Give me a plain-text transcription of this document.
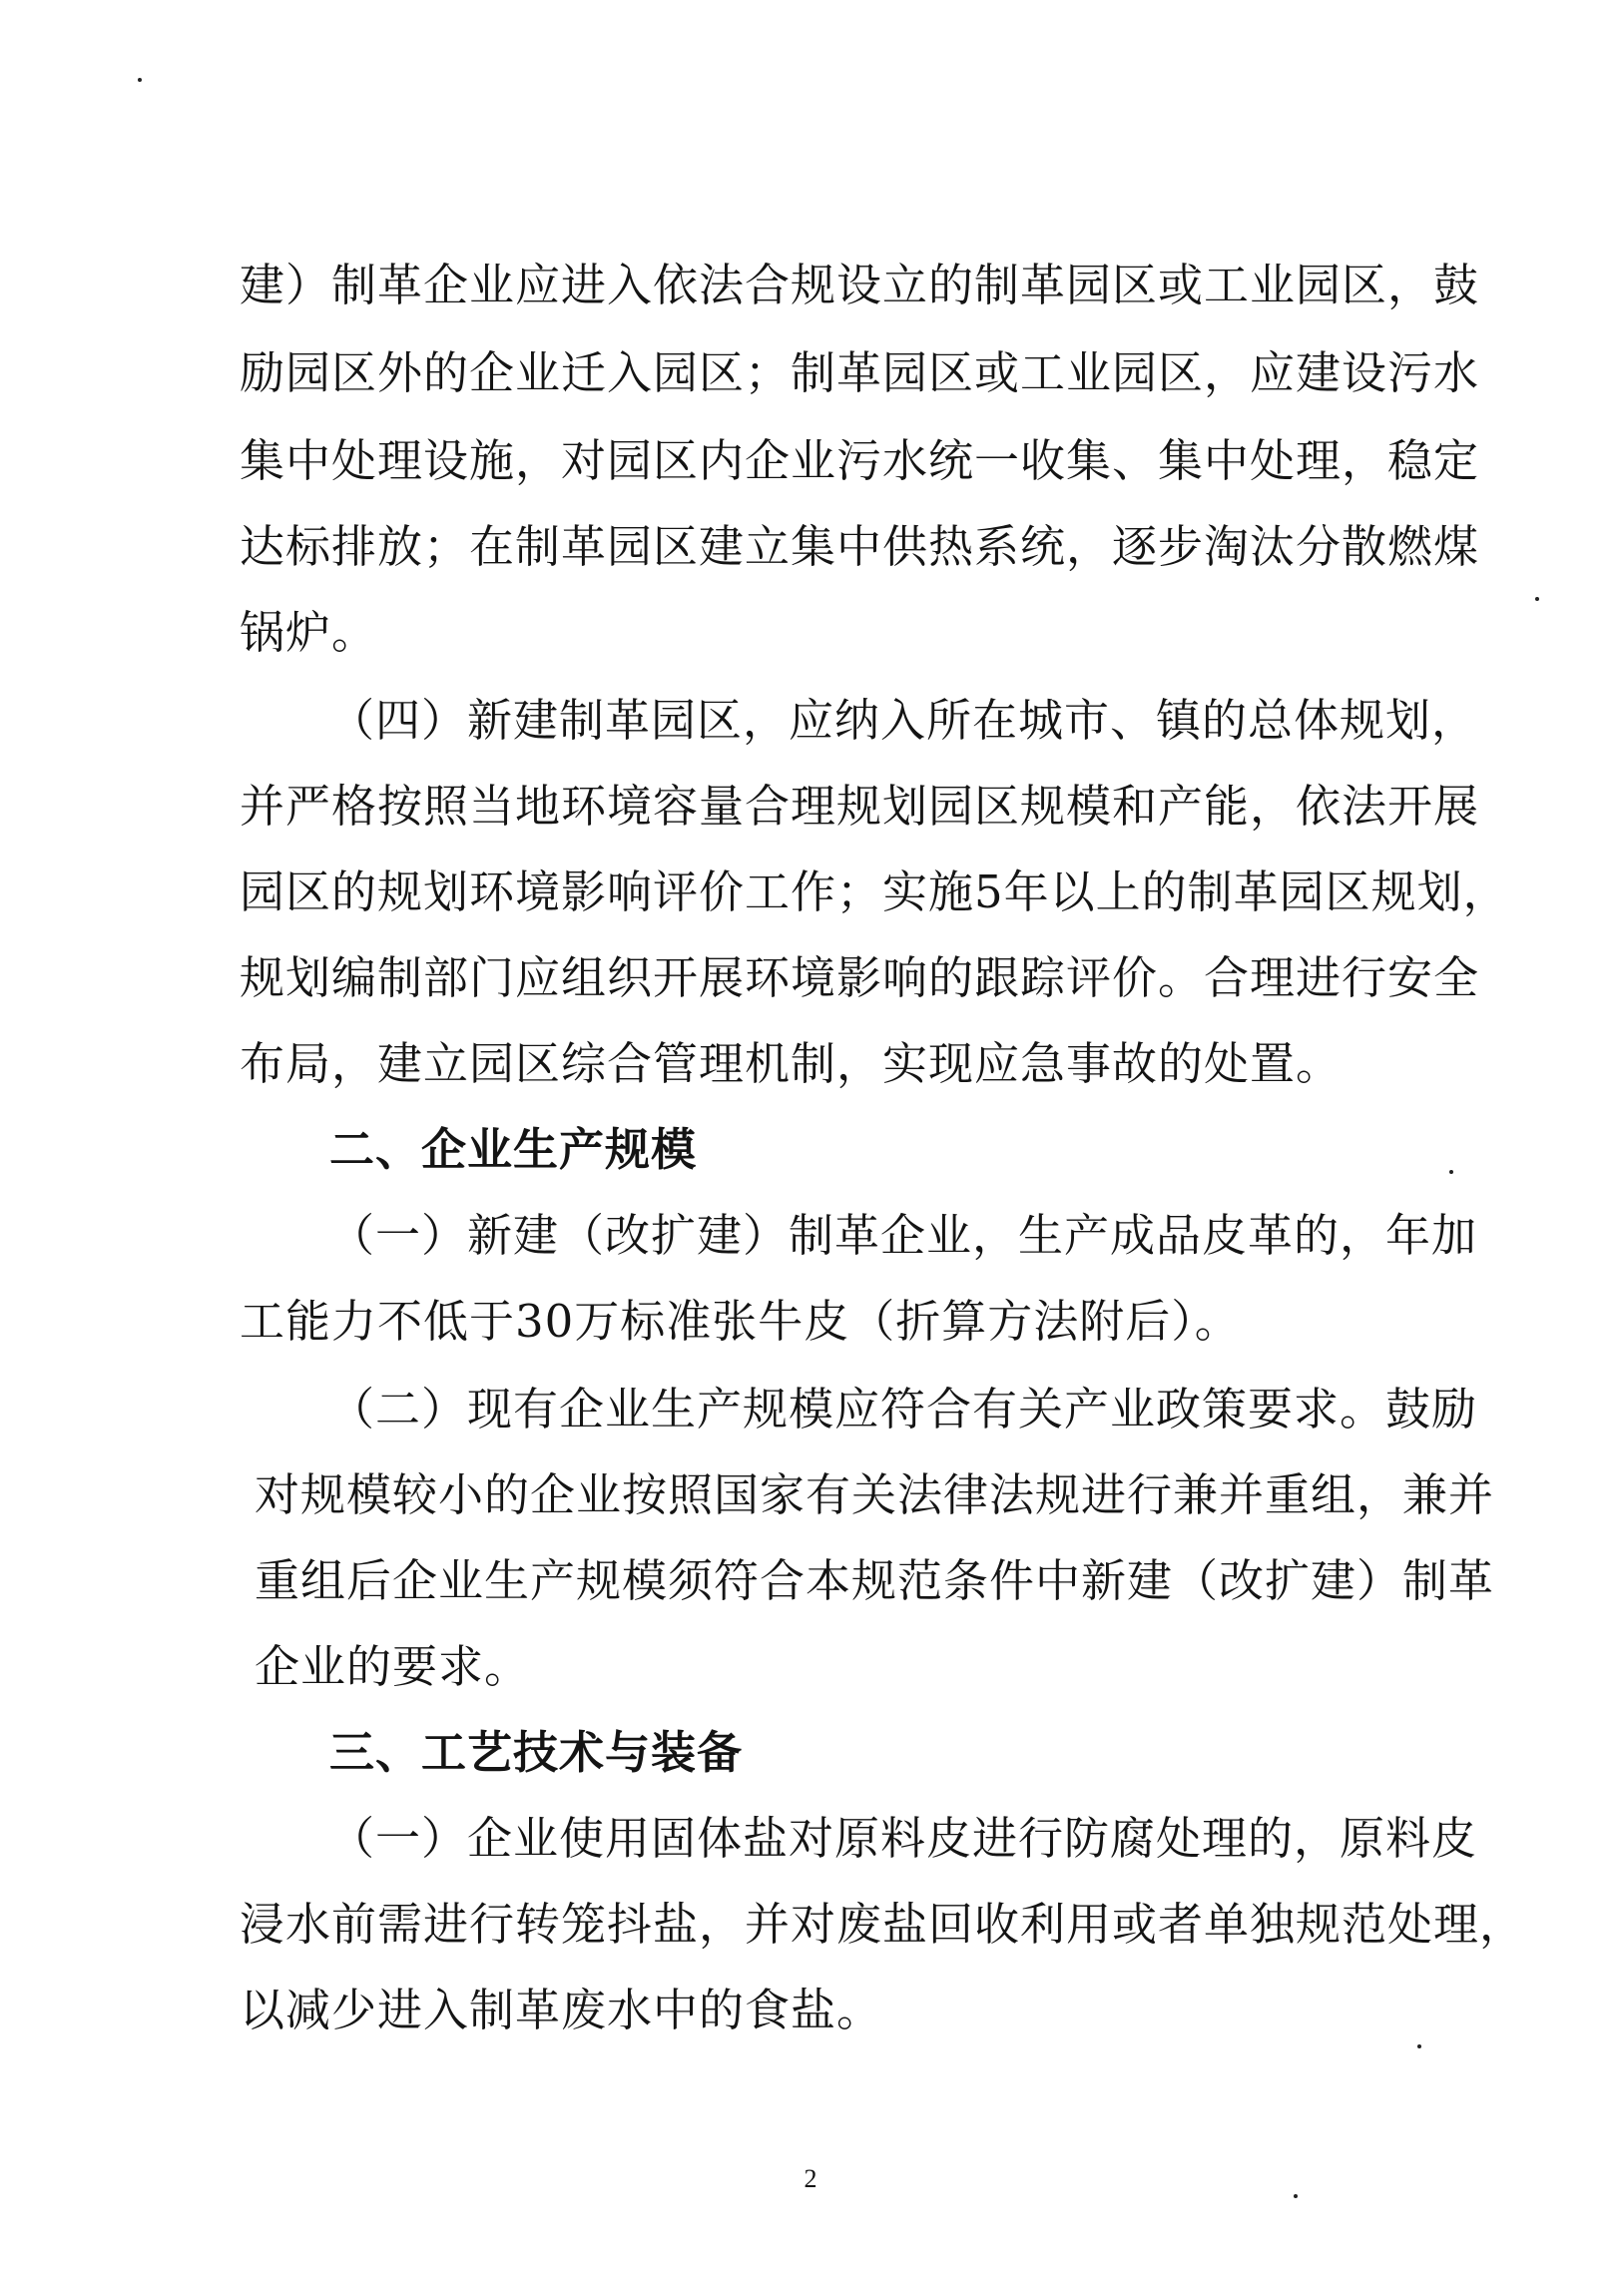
建）制革企业应进入依法合规设立的制革园区或工业园区，鼓
励园区外的企业迁入园区；制革园区或工业园区，应建设污水
集中处理设施，对园区内企业污水统一收集、集中处理，稳定
达标排放；在制革园区建立集中供热系统，逐步淘汰分散燃煤
锅炉。
（四）新建制革园区，应纳入所在城市、镇的总体规划，
并严格按照当地环境容量合理规划园区规模和产能，依法开展
园区的规划环境影响评价工作；实施5年以上的制革园区规划，
规划编制部门应组织开展环境影响的跟踪评价。合理进行安全
布局，建立园区综合管理机制，实现应急事故的处置。
二、企业生产规模
（一）新建（改扩建）制革企业，生产成品皮革的，年加
工能力不低于30万标准张牛皮（折算方法附后）。
（二）现有企业生产规模应符合有关产业政策要求。鼓励
对规模较小的企业按照国家有关法律法规进行兼并重组，兼并
重组后企业生产规模须符合本规范条件中新建（改扩建）制革
企业的要求。
三、工艺技术与装备
（一）企业使用固体盐对原料皮进行防腐处理的，原料皮
浸水前需进行转笼抖盐，并对废盐回收利用或者单独规范处理，
以减少进入制革废水中的食盐。
2
